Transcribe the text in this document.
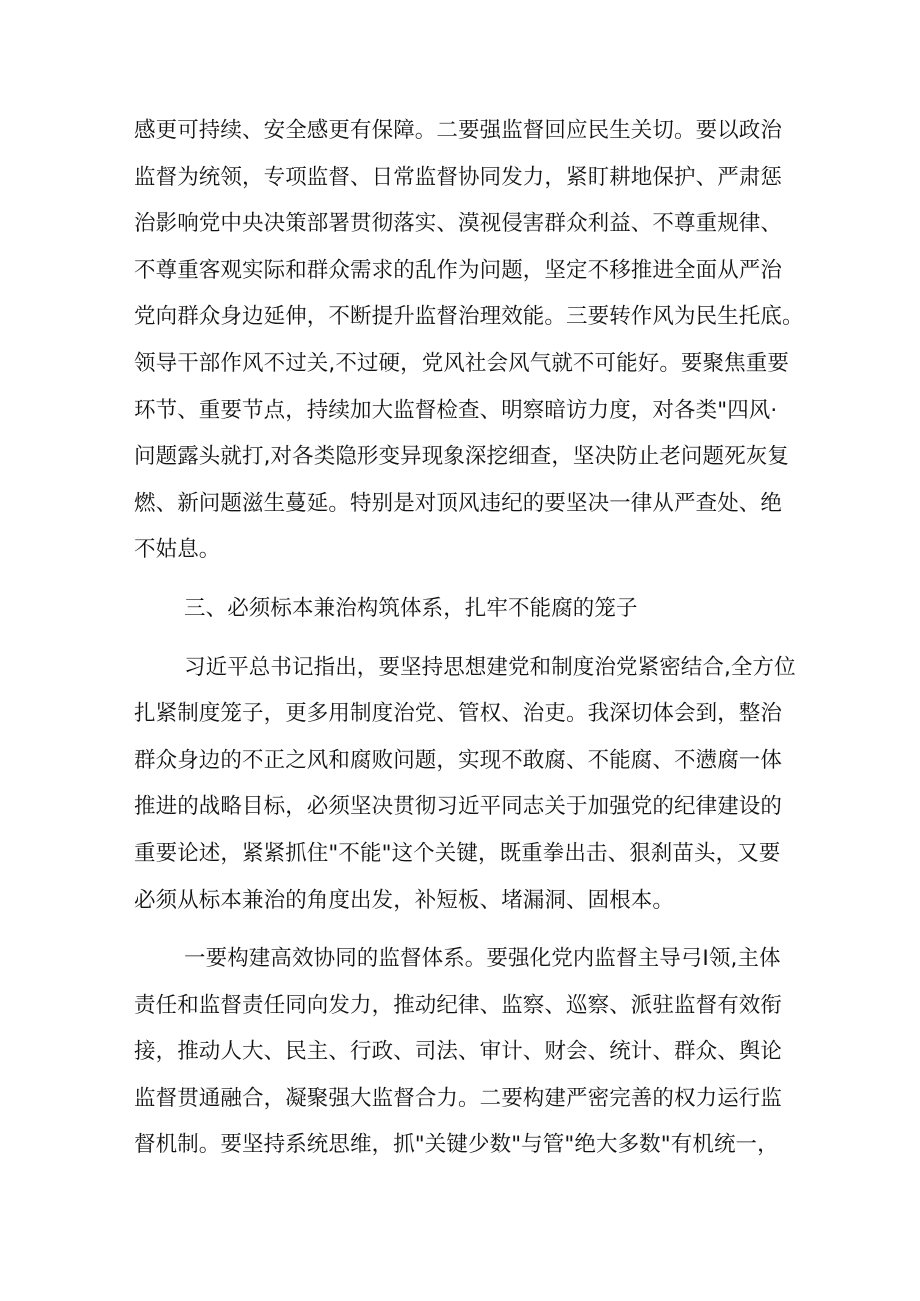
感更可持续、安全感更有保障。二要强监督回应民生关切。要以政治
监督为统领，专项监督、日常监督协同发力，紧盯耕地保护、严肃惩
治影响党中央决策部署贯彻落实、漠视侵害群众利益、不尊重规律、
不尊重客观实际和群众需求的乱作为问题，坚定不移推进全面从严治
党向群众身边延伸，不断提升监督治理效能。三要转作风为民生托底。
领导干部作风不过关,不过硬，党风社会风气就不可能好。要聚焦重要
环节、重要节点，持续加大监督检查、明察暗访力度，对各类"四风·
问题露头就打,对各类隐形变异现象深挖细查，坚决防止老问题死灰复
燃、新问题滋生蔓延。特别是对顶风违纪的要坚决一律从严查处、绝
不姑息。
三、必须标本兼治构筑体系，扎牢不能腐的笼子
习近平总书记指出，要坚持思想建党和制度治党紧密结合,全方位
扎紧制度笼子，更多用制度治党、管权、治吏。我深切体会到，整治
群众身边的不正之风和腐败问题，实现不敢腐、不能腐、不懑腐一体
推进的战略目标，必须坚决贯彻习近平同志关于加强党的纪律建设的
重要论述，紧紧抓住"不能"这个关键，既重拳出击、狠刹苗头，又要
必须从标本兼治的角度出发，补短板、堵漏洞、固根本。
一要构建高效协同的监督体系。要强化党内监督主导弓I领,主体
责任和监督责任同向发力，推动纪律、监察、巡察、派驻监督有效衔
接，推动人大、民主、行政、司法、审计、财会、统计、群众、舆论
监督贯通融合，凝聚强大监督合力。二要构建严密完善的权力运行监
督机制。要坚持系统思维，抓"关键少数"与管"绝大多数"有机统一，
